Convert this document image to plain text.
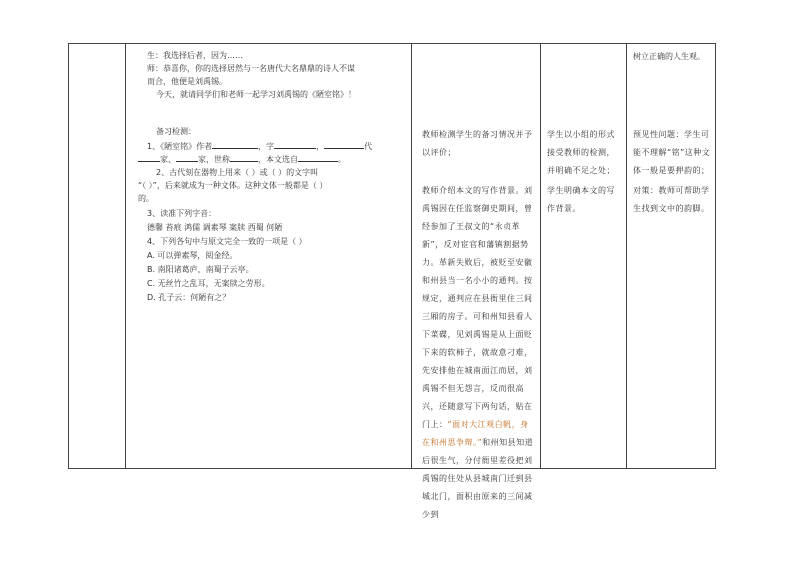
生：我选择后者，因为……
师：恭喜你，你的选择居然与一名唐代大名鼎鼎的诗人不谋
而合，他便是刘禹锡。
今天，就请同学们和老师一起学习刘禹锡的《陋室铭》！
备习检测：
1、《陋室铭》作者	，字	，	代
家、	家，世称	，本文选自	。
2、古代刻在器物上用来（ ）或（ ）的文字叫
“（ ）”，后来就成为一种文体。这种文体一般都是（ ）
的。
3、读准下列字音：
德馨 苔痕 鸿儒 调素琴 案牍 西蜀 何陋
4、下列各句中与原文完全一致的一项是（ ）
A. 可以弹素琴，阅金经。
B. 南阳诸葛庐，南蜀子云亭。
C. 无丝竹之乱耳，无案牍之劳形。
D. 孔子云：何陋有之？

教师检测学生的备习情况并予以评价；
教师介绍本文的写作背景。刘禹锡因在任监察御史期间，曾经参加了王叔文的“永贞革新”，反对宦官和藩镇割据势力。革新失败后，被贬至安徽和州县当一名小小的通判。按规定，通判应在县衙里住三间三厢的房子。可和州知县看人下菜碟，见刘禹锡是从上面贬下来的软柿子，就故意刁难，先安排他在城南面江而居，刘禹锡不但无怨言，反而很高兴，还随意写下两句话，贴在门上：“面对大江观白帆，身在和州思争辩。”和州知县知道后很生气，分付衙里差役把刘禹锡的住处从县城南门迁到县城北门，面积由原来的三间减少到

学生以小组的形式接受教师的检测，并明确不足之处；
学生明确本文的写作背景。

树立正确的人生观。
预见性问题：学生可能不理解“铭”这种文体一般是要押韵的；
对策：教师可帮助学生找到文中的韵脚。
